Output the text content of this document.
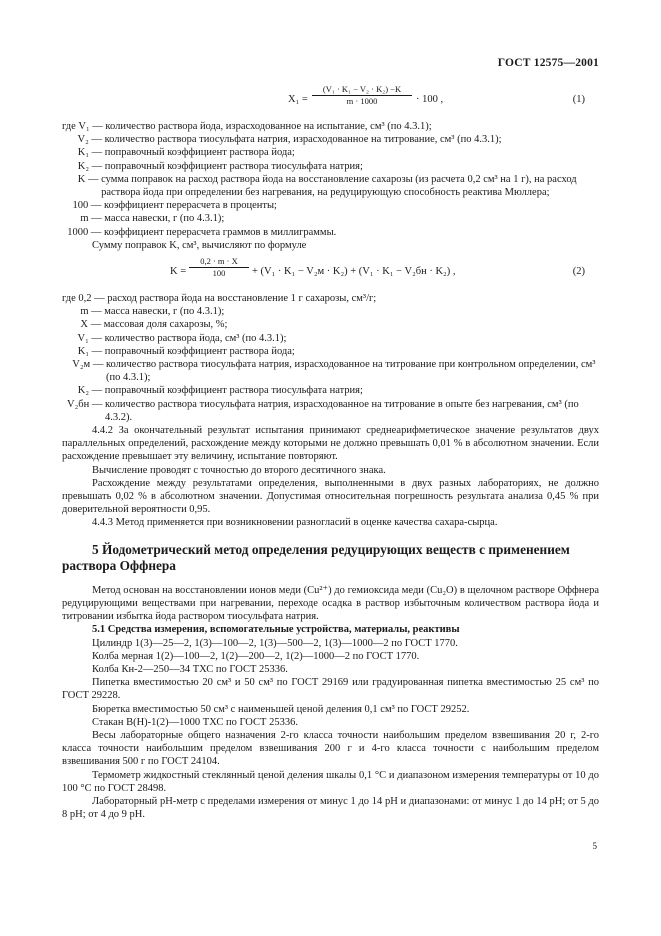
ГОСТ 12575—2001
X₁ =
(V₁ · K₁ − V₂ · K₂) −K
m · 1000	· 100 ,	(1)
где V₁ — количество раствора йода, израсходованное на испытание, см³ (по 4.3.1);
V₂ — количество раствора тиосульфата натрия, израсходованное на титрование, см³ (по 4.3.1);
K₁ — поправочный коэффициент раствора йода;
K₂ — поправочный коэффициент раствора тиосульфата натрия;
K — сумма поправок на расход раствора йода на восстановление сахарозы (из расчета 0,2 см³ на 1 г), на расход раствора йода при определении без нагревания, на редуцирующую способность реактива Мюллера;
100 — коэффициент перерасчета в проценты;
m — масса навески, г (по 4.3.1);
1000 — коэффициент перерасчета граммов в миллиграммы.

Сумму поправок K, см³, вычисляют по формуле

K =
0,2 · m · X
100	+ (V₁ · K₁ − V₂м · K₂) + (V₁ · K₁ − V₂бн · K₂) ,	(2)
где 0,2 — расход раствора йода на восстановление 1 г сахарозы, см³/г;
m — масса навески, г (по 4.3.1);
X — массовая доля сахарозы, %;
V₁ — количество раствора йода, см³ (по 4.3.1);
K₁ — поправочный коэффициент раствора йода;
V₂м — количество раствора тиосульфата натрия, израсходованное на титрование при контрольном определении, см³ (по 4.3.1);
K₂ — поправочный коэффициент раствора тиосульфата натрия;
V₂бн — количество раствора тиосульфата натрия, израсходованное на титрование в опыте без нагревания, см³ (по 4.3.2).

4.4.2 За окончательный результат испытания принимают среднеарифметическое значение результатов двух параллельных определений, расхождение между которыми не должно превышать 0,01 % в абсолютном значении. Если расхождение превышает эту величину, испытание повторяют.

Вычисление проводят с точностью до второго десятичного знака.

Расхождение между результатами определения, выполненными в двух разных лабораториях, не должно превышать 0,02 % в абсолютном значении. Допустимая относительная погрешность результата анализа 0,45 % при доверительной вероятности 0,95.

4.4.3 Метод применяется при возникновении разногласий в оценке качества сахара-сырца.

5 Йодометрический метод определения редуцирующих веществ с применением раствора Оффнера

Метод основан на восстановлении ионов меди (Cu²⁺) до гемиоксида меди (Cu₂O) в щелочном растворе Оффнера редуцирующими веществами при нагревании, переходе осадка в раствор избыточным количеством раствора йода и титровании избытка йода раствором тиосульфата натрия.

5.1 Средства измерения, вспомогательные устройства, материалы, реактивы

Цилиндр 1(3)—25—2, 1(3)—100—2, 1(3)—500—2, 1(3)—1000—2 по ГОСТ 1770.

Колба мерная 1(2)—100—2, 1(2)—200—2, 1(2)—1000—2 по ГОСТ 1770.

Колба Кн-2—250—34 ТХС по ГОСТ 25336.

Пипетка вместимостью 20 см³ и 50 см³ по ГОСТ 29169 или градуированная пипетка вместимостью 25 см³ по ГОСТ 29228.

Бюретка вместимостью 50 см³ с наименьшей ценой деления 0,1 см³ по ГОСТ 29252.

Стакан В(Н)-1(2)—1000 ТХС по ГОСТ 25336.

Весы лабораторные общего назначения 2-го класса точности наибольшим пределом взвешивания 20 г, 2-го класса точности наибольшим пределом взвешивания 200 г и 4-го класса точности с наибольшим пределом взвешивания 500 г по ГОСТ 24104.

Термометр жидкостный стеклянный ценой деления шкалы 0,1 °С и диапазоном измерения температуры от 10 до 100 °С по ГОСТ 28498.

Лабораторный pH-метр с пределами измерения от минус 1 до 14 pH и диапазонами: от минус 1 до 14 pH; от 5 до 8 pH; от 4 до 9 pH.

5
